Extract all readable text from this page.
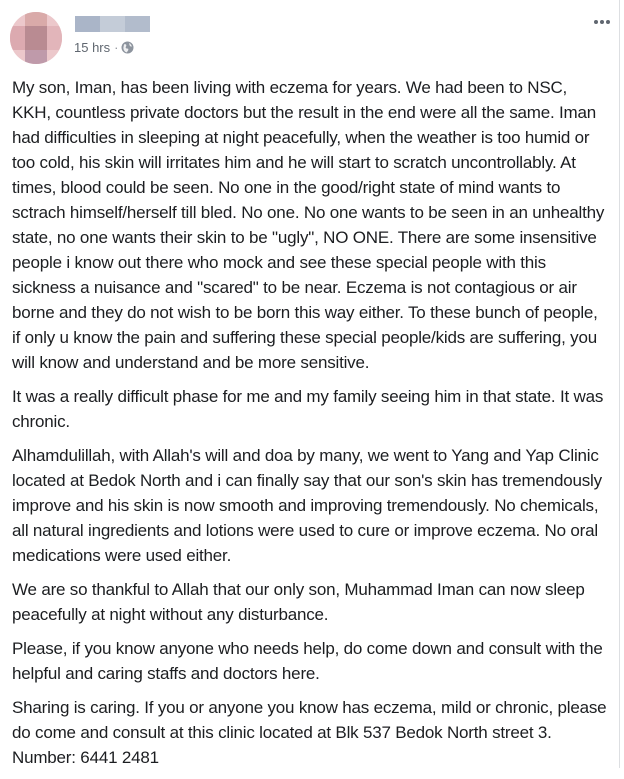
15 hrs ·

My son, Iman, has been living with eczema for years. We had been to NSC, KKH, countless private doctors but the result in the end were all the same. Iman had difficulties in sleeping at night peacefully, when the weather is too humid or too cold, his skin will irritates him and he will start to scratch uncontrollably. At times, blood could be seen. No one in the good/right state of mind wants to sctrach himself/herself till bled. No one. No one wants to be seen in an unhealthy state, no one wants their skin to be "ugly", NO ONE. There are some insensitive people i know out there who mock and see these special people with this sickness a nuisance and "scared" to be near. Eczema is not contagious or air borne and they do not wish to be born this way either. To these bunch of people, if only u know the pain and suffering these special people/kids are suffering, you will know and understand and be more sensitive.

It was a really difficult phase for me and my family seeing him in that state. It was chronic.

Alhamdulillah, with Allah's will and doa by many, we went to Yang and Yap Clinic located at Bedok North and i can finally say that our son's skin has tremendously improve and his skin is now smooth and improving tremendously. No chemicals, all natural ingredients and lotions were used to cure or improve eczema. No oral medications were used either.

We are so thankful to Allah that our only son, Muhammad Iman can now sleep peacefully at night without any disturbance.

Please, if you know anyone who needs help, do come down and consult with the helpful and caring staffs and doctors here.

Sharing is caring. If you or anyone you know has eczema, mild or chronic, please do come and consult at this clinic located at Blk 537 Bedok North street 3. Number: 6441 2481
